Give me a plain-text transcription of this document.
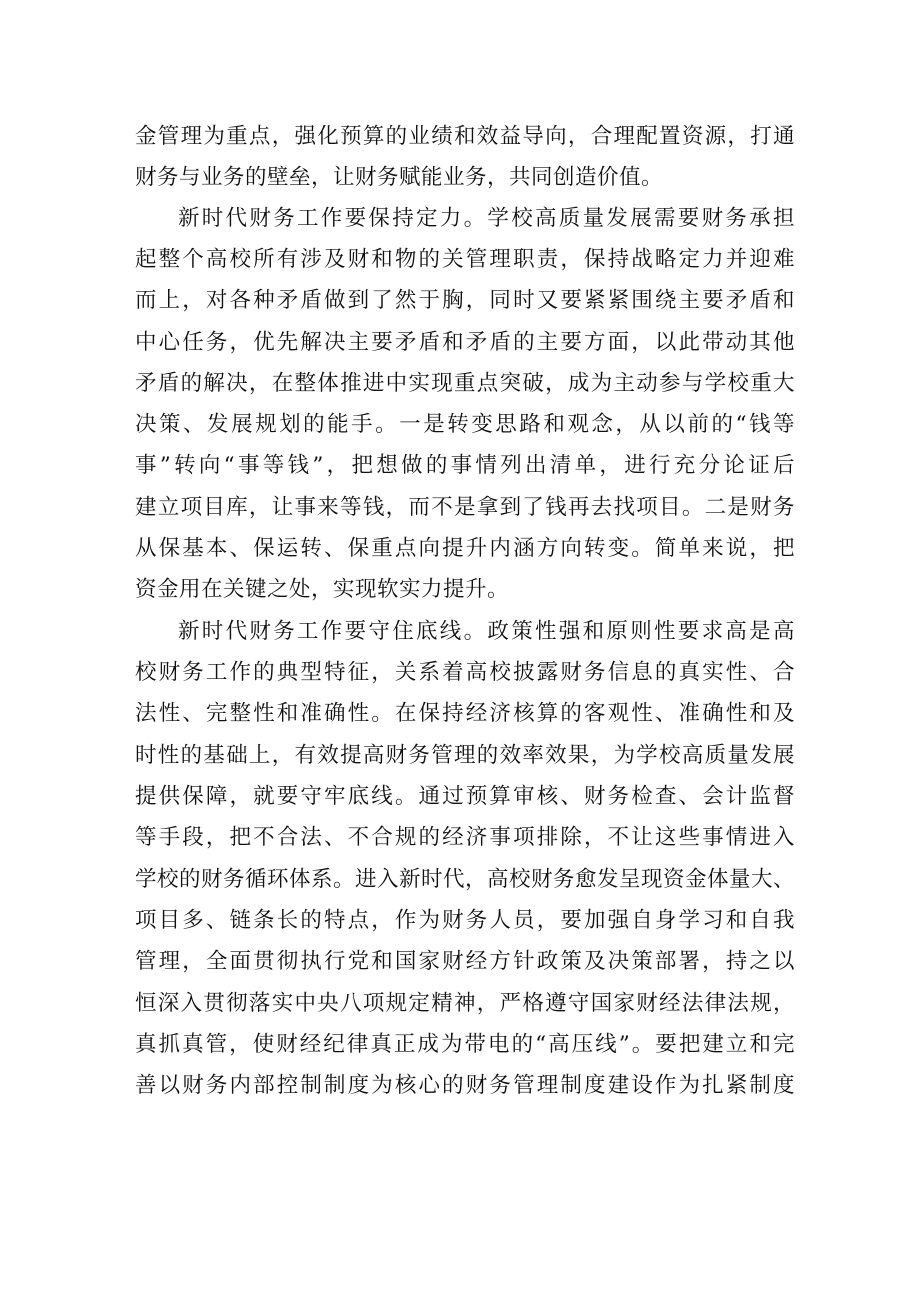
金管理为重点，强化预算的业绩和效益导向，合理配置资源，打通
财务与业务的壁垒，让财务赋能业务，共同创造价值。
新时代财务工作要保持定力。学校高质量发展需要财务承担
起整个高校所有涉及财和物的关管理职责，保持战略定力并迎难
而上，对各种矛盾做到了然于胸，同时又要紧紧围绕主要矛盾和
中心任务，优先解决主要矛盾和矛盾的主要方面，以此带动其他
矛盾的解决，在整体推进中实现重点突破，成为主动参与学校重大
决策、发展规划的能手。一是转变思路和观念，从以前的“钱等
事”转向“事等钱”，把想做的事情列出清单，进行充分论证后
建立项目库，让事来等钱，而不是拿到了钱再去找项目。二是财务
从保基本、保运转、保重点向提升内涵方向转变。简单来说，把
资金用在关键之处，实现软实力提升。
新时代财务工作要守住底线。政策性强和原则性要求高是高
校财务工作的典型特征，关系着高校披露财务信息的真实性、合
法性、完整性和准确性。在保持经济核算的客观性、准确性和及
时性的基础上，有效提高财务管理的效率效果，为学校高质量发展
提供保障，就要守牢底线。通过预算审核、财务检查、会计监督
等手段，把不合法、不合规的经济事项排除，不让这些事情进入
学校的财务循环体系。进入新时代，高校财务愈发呈现资金体量大、
项目多、链条长的特点，作为财务人员，要加强自身学习和自我
管理，全面贯彻执行党和国家财经方针政策及决策部署，持之以
恒深入贯彻落实中央八项规定精神，严格遵守国家财经法律法规，
真抓真管，使财经纪律真正成为带电的“高压线”。要把建立和完
善以财务内部控制制度为核心的财务管理制度建设作为扎紧制度
